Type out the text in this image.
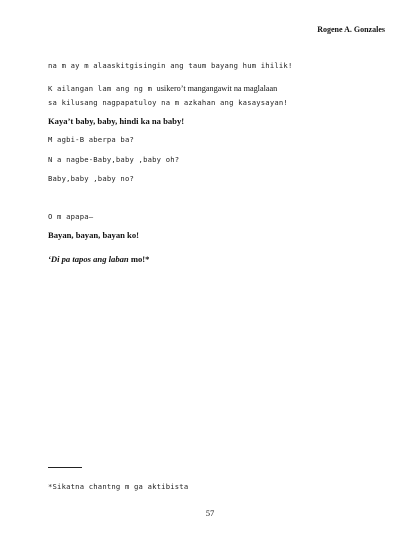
Rogene A. Gonzales
na m ay m alaaskitgisingin ang taum bayang hum ihilik!
K ailangan lam ang ng m usikero’t mangangawit na maglalaan
sa kilusang nagpapatuloy na m azkahan ang kasaysayan!
Kaya’t baby, baby, hindi ka na baby!
M agbi-B aberpa ba?
N a nagbe-Baby,baby ,baby oh?
Baby,baby ,baby no?
O m apapa–
Bayan, bayan, bayan ko!
‘Di pa tapos ang laban mo!*
*Sikatna chantng m ga aktibista
57
